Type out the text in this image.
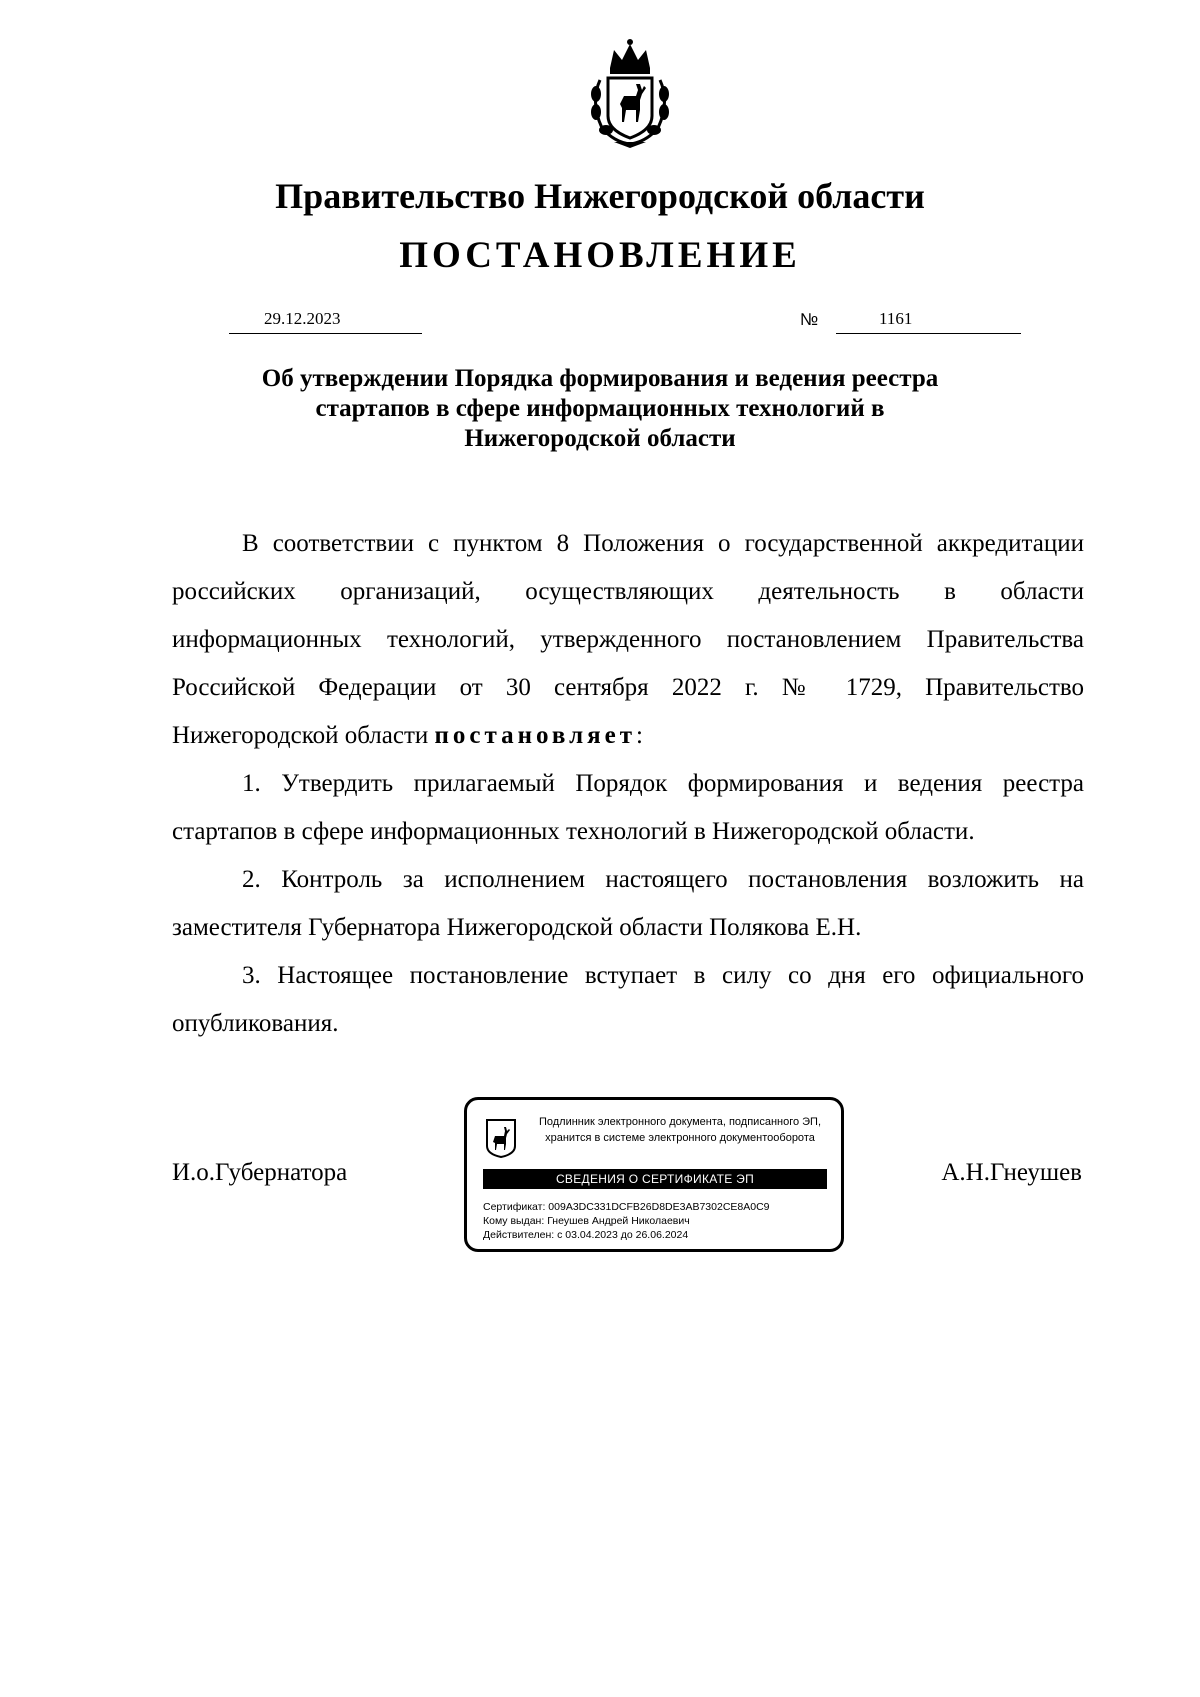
Правительство Нижегородской области
ПОСТАНОВЛЕНИЕ
29.12.2023	№	1161
Об утверждении Порядка формирования и ведения реестра
стартапов в сфере информационных технологий в
Нижегородской области

В соответствии с пунктом 8 Положения о государственной аккредитации российских организаций, осуществляющих деятельность в области информационных технологий, утвержденного постановлением Правительства Российской Федерации от 30 сентября 2022 г. № 1729, Правительство Нижегородской области постановляет:

1. Утвердить прилагаемый Порядок формирования и ведения реестра стартапов в сфере информационных технологий в Нижегородской области.

2. Контроль за исполнением настоящего постановления возложить на заместителя Губернатора Нижегородской области Полякова Е.Н.

3. Настоящее постановление вступает в силу со дня его официального опубликования.

И.о.Губернатора	А.Н.Гнеушев
Подлинник электронного документа, подписанного ЭП,
хранится в системе электронного документооборота
СВЕДЕНИЯ О СЕРТИФИКАТЕ ЭП
Сертификат: 009A3DC331DCFB26D8DE3AB7302CE8A0C9
Кому выдан: Гнеушев Андрей Николаевич
Действителен: с 03.04.2023 до 26.06.2024
